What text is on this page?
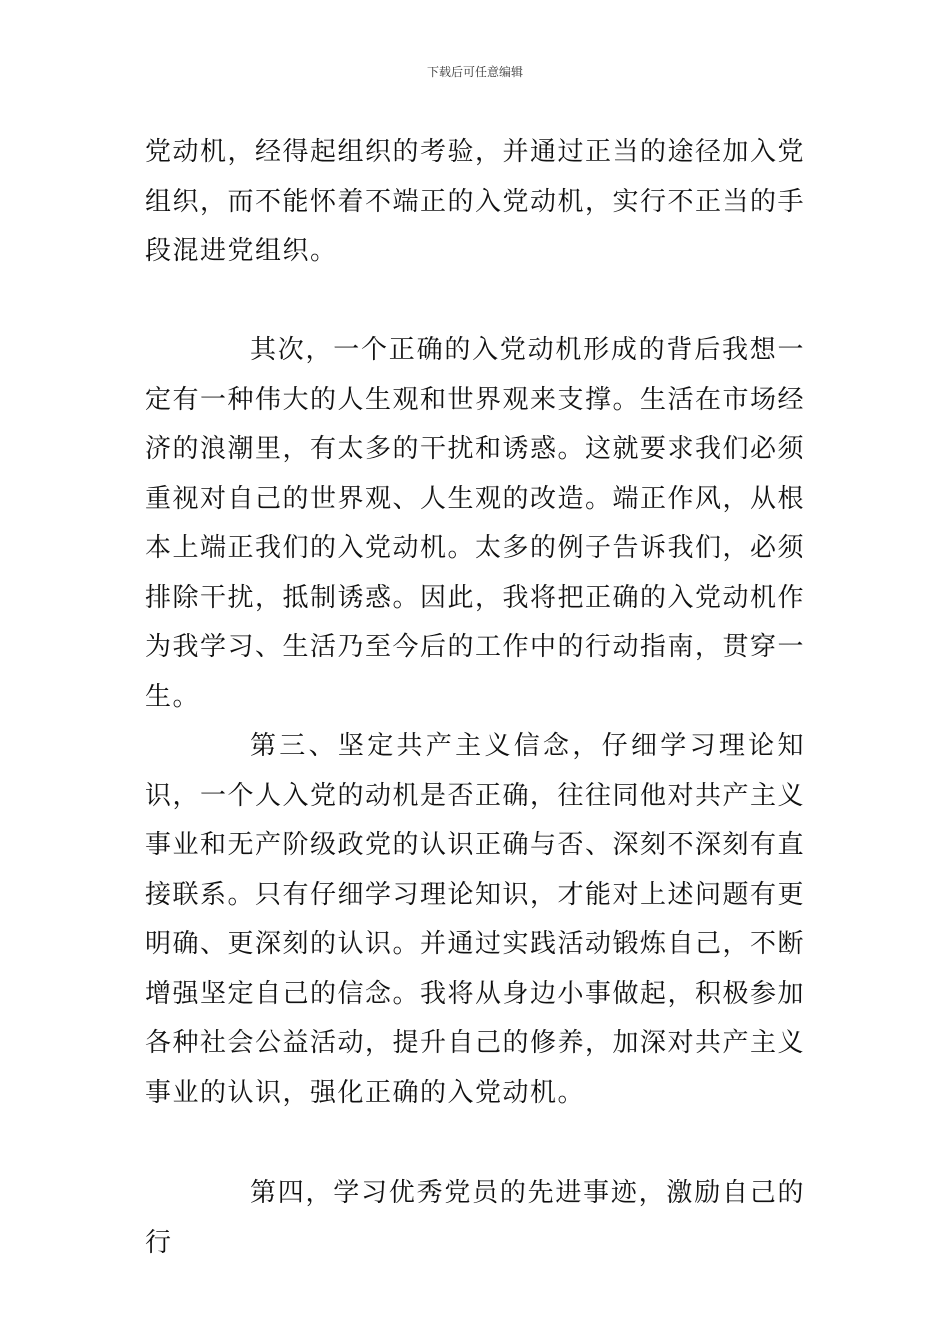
下载后可任意编辑

党动机，经得起组织的考验，并通过正当的途径加入党组织，而不能怀着不端正的入党动机，实行不正当的手段混进党组织。

其次，一个正确的入党动机形成的背后我想一定有一种伟大的人生观和世界观来支撑。生活在市场经济的浪潮里，有太多的干扰和诱惑。这就要求我们必须重视对自己的世界观、人生观的改造。端正作风，从根本上端正我们的入党动机。太多的例子告诉我们，必须排除干扰，抵制诱惑。因此，我将把正确的入党动机作为我学习、生活乃至今后的工作中的行动指南，贯穿一生。

第三、坚定共产主义信念，仔细学习理论知识，一个人入党的动机是否正确，往往同他对共产主义事业和无产阶级政党的认识正确与否、深刻不深刻有直接联系。只有仔细学习理论知识，才能对上述问题有更明确、更深刻的认识。并通过实践活动锻炼自己，不断增强坚定自己的信念。我将从身边小事做起，积极参加各种社会公益活动，提升自己的修养，加深对共产主义事业的认识，强化正确的入党动机。

第四，学习优秀党员的先进事迹，激励自己的行
